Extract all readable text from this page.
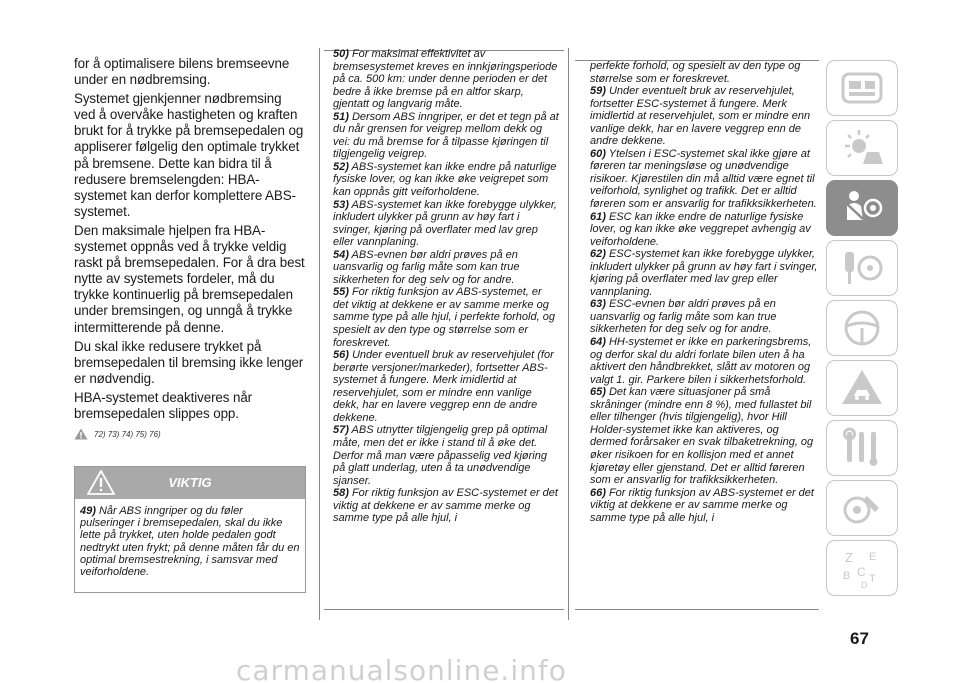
for å optimalisere bilens bremseevne under en nødbremsing.

Systemet gjenkjenner nødbremsing ved å overvåke hastigheten og kraften brukt for å trykke på bremsepedalen og appliserer følgelig den optimale trykket på bremsene. Dette kan bidra til å redusere bremselengden: HBA-systemet kan derfor komplettere ABS-systemet.

Den maksimale hjelpen fra HBA-systemet oppnås ved å trykke veldig raskt på bremsepedalen. For å dra best nytte av systemets fordeler, må du trykke kontinuerlig på bremsepedalen under bremsingen, og unngå å trykke intermitterende på denne.

Du skal ikke redusere trykket på bremsepedalen til bremsing ikke lenger er nødvendig.

HBA-systemet deaktiveres når bremsepedalen slippes opp.

72) 73) 74) 75) 76)
VIKTIG
49) Når ABS inngriper og du føler pulseringer i bremsepedalen, skal du ikke lette på trykket, uten holde pedalen godt nedtrykt uten frykt; på denne måten får du en optimal bremsestrekning, i samsvar med veiforholdene.

50) For maksimal effektivitet av bremsesystemet kreves en innkjøringsperiode på ca. 500 km: under denne perioden er det bedre å ikke bremse på en altfor skarp, gjentatt og langvarig måte.

51) Dersom ABS inngriper, er det et tegn på at du når grensen for veigrep mellom dekk og vei: du må bremse for å tilpasse kjøringen til tilgjengelig veigrep.

52) ABS-systemet kan ikke endre på naturlige fysiske lover, og kan ikke øke veigrepet som kan oppnås gitt veiforholdene.

53) ABS-systemet kan ikke forebygge ulykker, inkludert ulykker på grunn av høy fart i svinger, kjøring på overflater med lav grep eller vannplaning.

54) ABS-evnen bør aldri prøves på en uansvarlig og farlig måte som kan true sikkerheten for deg selv og for andre.

55) For riktig funksjon av ABS-systemet, er det viktig at dekkene er av samme merke og samme type på alle hjul, i perfekte forhold, og spesielt av den type og størrelse som er foreskrevet.

56) Under eventuell bruk av reservehjulet (for berørte versjoner/markeder), fortsetter ABS-systemet å fungere. Merk imidlertid at reservehjulet, som er mindre enn vanlige dekk, har en lavere veggrep enn de andre dekkene.

57) ABS utnytter tilgjengelig grep på optimal måte, men det er ikke i stand til å øke det. Derfor må man være påpasselig ved kjøring på glatt underlag, uten å ta unødvendige sjanser.

58) For riktig funksjon av ESC-systemet er det viktig at dekkene er av samme merke og samme type på alle hjul, i

perfekte forhold, og spesielt av den type og størrelse som er foreskrevet.

59) Under eventuelt bruk av reservehjulet, fortsetter ESC-systemet å fungere. Merk imidlertid at reservehjulet, som er mindre enn vanlige dekk, har en lavere veggrep enn de andre dekkene.

60) Ytelsen i ESC-systemet skal ikke gjøre at føreren tar meningsløse og unødvendige risikoer. Kjørestilen din må alltid være egnet til veiforhold, synlighet og trafikk. Det er alltid føreren som er ansvarlig for trafikksikkerheten.

61) ESC kan ikke endre de naturlige fysiske lover, og kan ikke øke veggrepet avhengig av veiforholdene.

62) ESC-systemet kan ikke forebygge ulykker, inkludert ulykker på grunn av høy fart i svinger, kjøring på overflater med lav grep eller vannplaning.

63) ESC-evnen bør aldri prøves på en uansvarlig og farlig måte som kan true sikkerheten for deg selv og for andre.

64) HH-systemet er ikke en parkeringsbrems, og derfor skal du aldri forlate bilen uten å ha aktivert den håndbrekket, slått av motoren og valgt 1. gir. Parkere bilen i sikkerhetsforhold.

65) Det kan være situasjoner på små skråninger (mindre enn 8 %), med fullastet bil eller tilhenger (hvis tilgjengelig), hvor Hill Holder-systemet ikke kan aktiveres, og dermed forårsaker en svak tilbaketrekning, og øker risikoen for en kollisjon med et annet kjøretøy eller gjenstand. Det er alltid føreren som er ansvarlig for trafikksikkerheten.

66) For riktig funksjon av ABS-systemet er det viktig at dekkene er av samme merke og samme type på alle hjul, i

Z E
B C T
D
67
carmanualsonline.info
